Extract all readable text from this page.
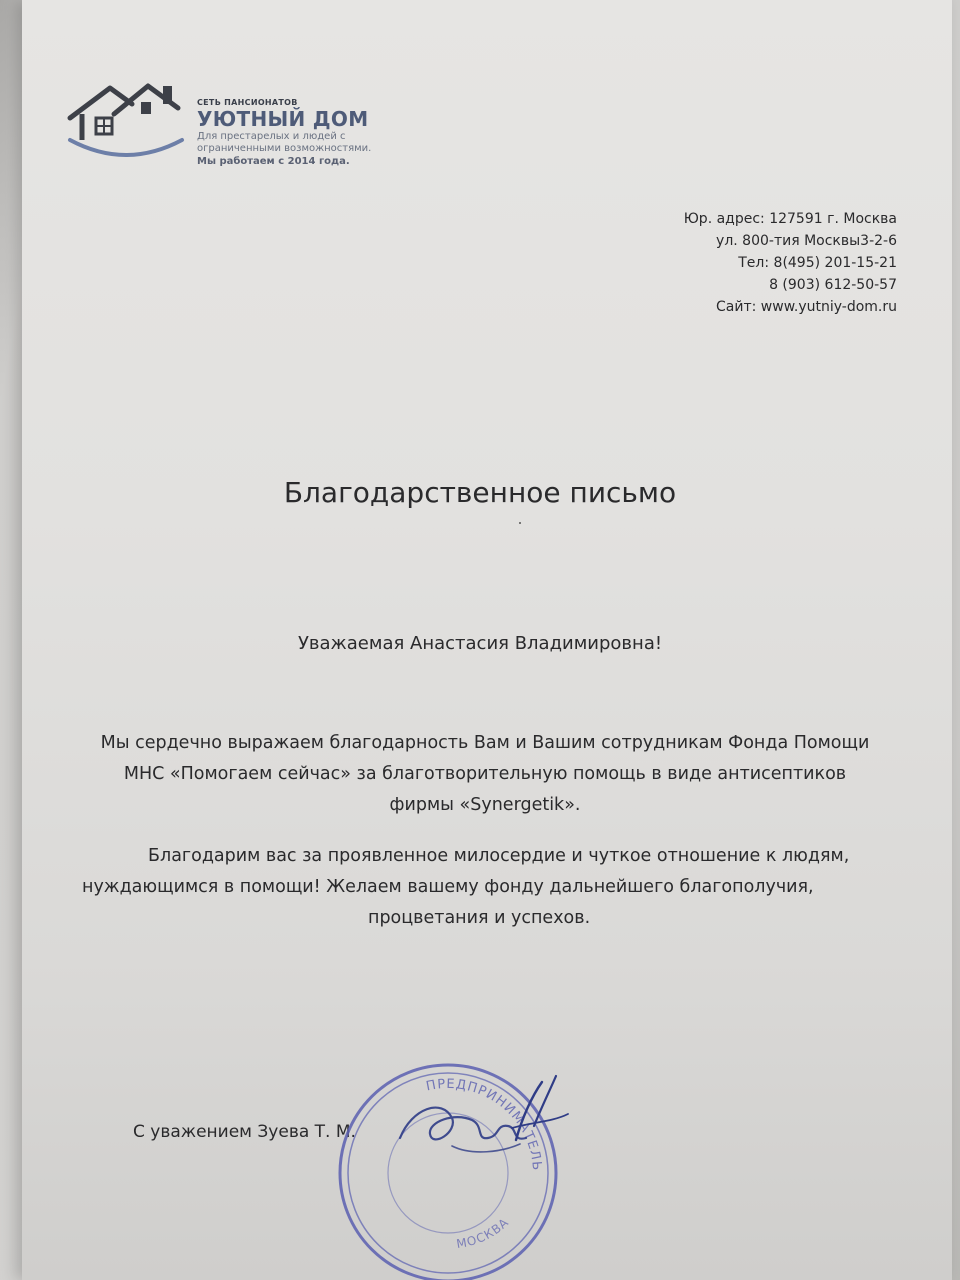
СЕТЬ ПАНСИОНАТОВ
УЮТНЫЙ ДОМ
Для престарелых и людей с
ограниченными возможностями.
Мы работаем с 2014 года.
Юр. адрес: 127591 г. Москва
ул. 800-тия Москвы3-2-6
Тел: 8(495) 201-15-21
8 (903) 612-50-57
Сайт: www.yutniy-dom.ru
Благодарственное письмо
Уважаемая Анастасия Владимировна!
Мы сердечно выражаем благодарность Вам и Вашим сотрудникам Фонда Помощи
МНС «Помогаем сейчас» за благотворительную помощь в виде антисептиков
фирмы «Synergetik».
Благодарим вас за проявленное милосердие и чуткое отношение к людям,
нуждающимся в помощи! Желаем вашему фонду дальнейшего благополучия,
процветания и успехов.
С уважением Зуева Т. М.
ПРЕДПРИНИМАТЕЛЬ
МОСКВА
